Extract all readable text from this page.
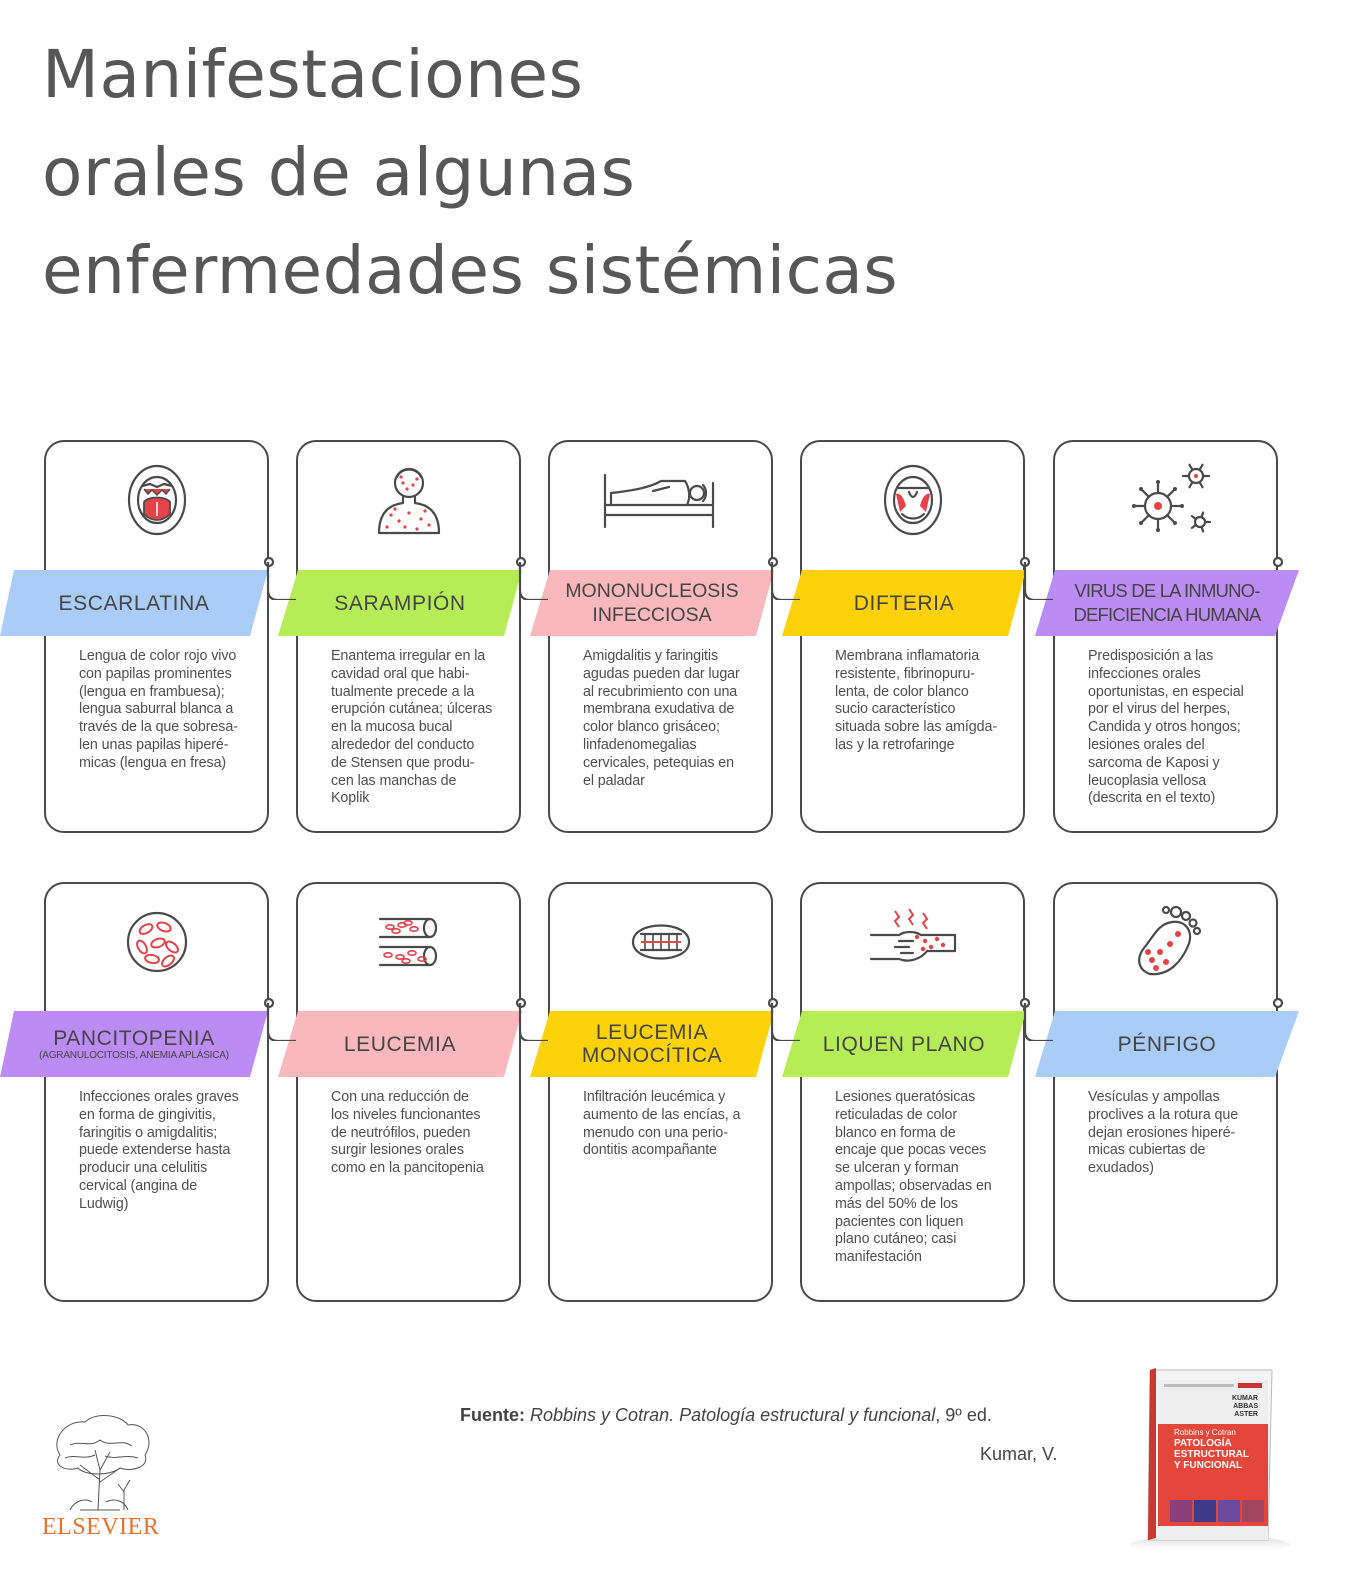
Manifestaciones
orales de algunas
enfermedades sistémicas
ESCARLATINA
Lengua de color rojo vivo
con papilas prominentes
(lengua en frambuesa);
lengua saburral blanca a
través de la que sobresa-
len unas papilas hiperé-
micas (lengua en fresa)
SARAMPIÓN
Enantema irregular en la
cavidad oral que habi-
tualmente precede a la
erupción cutánea; úlceras
en la mucosa bucal
alrededor del conducto
de Stensen que produ-
cen las manchas de
Koplik
MONONUCLEOSIS INFECCIOSA
Amigdalitis y faringitis
agudas pueden dar lugar
al recubrimiento con una
membrana exudativa de
color blanco grisáceo;
linfadenomegalias
cervicales, petequias en
el paladar
DIFTERIA
Membrana inflamatoria
resistente, fibrinopuru-
lenta, de color blanco
sucio característico
situada sobre las amígda-
las y la retrofaringe
VIRUS DE LA INMUNO- DEFICIENCIA HUMANA
Predisposición a las
infecciones orales
oportunistas, en especial
por el virus del herpes,
Candida y otros hongos;
lesiones orales del
sarcoma de Kaposi y
leucoplasia vellosa
(descrita en el texto)
PANCITOPENIA
(AGRANULOCITOSIS, ANEMIA APLÁSICA)
Infecciones orales graves
en forma de gingivitis,
faringitis o amigdalitis;
puede extenderse hasta
producir una celulitis
cervical (angina de
Ludwig)
LEUCEMIA
Con una reducción de
los niveles funcionantes
de neutrófilos, pueden
surgir lesiones orales
como en la pancitopenia
LEUCEMIA MONOCÍTICA
Infiltración leucémica y
aumento de las encías, a
menudo con una perio-
dontitis acompañante
LIQUEN PLANO
Lesiones queratósicas
reticuladas de color
blanco en forma de
encaje que pocas veces
se ulceran y forman
ampollas; observadas en
más del 50% de los
pacientes con liquen
plano cutáneo; casi
manifestación
PÉNFIGO
Vesículas y ampollas
proclives a la rotura que
dejan erosiones hiperé-
micas cubiertas de
exudados)
Fuente: Robbins y Cotran. Patología estructural y funcional, 9º ed.
Kumar, V.
ELSEVIER
KUMAR
ABBAS
ASTER
Robbins y Cotran
PATOLOGÍA
ESTRUCTURAL
Y FUNCIONAL
